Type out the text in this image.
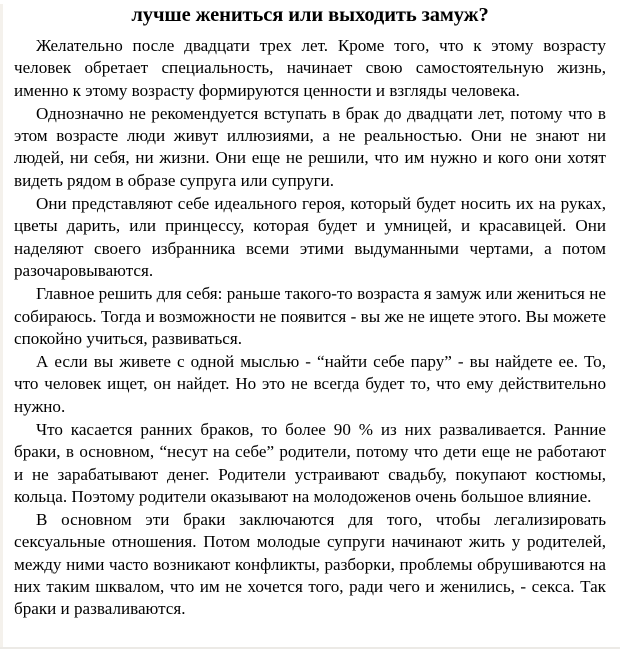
лучше жениться или выходить замуж?

Желательно после двадцати трех лет. Кроме того, что к этому возрасту человек обретает специальность, начинает свою самостоятельную жизнь, именно к этому возрасту формируются ценности и взгляды человека.

Однозначно не рекомендуется вступать в брак до двадцати лет, потому что в этом возрасте люди живут иллюзиями, а не реальностью. Они не знают ни людей, ни себя, ни жизни. Они еще не решили, что им нужно и кого они хотят видеть рядом в образе супруга или супруги.

Они представляют себе идеального героя, который будет носить их на руках, цветы дарить, или принцессу, которая будет и умницей, и красавицей. Они наделяют своего избранника всеми этими выдуманными чертами, а потом разочаровываются.

Главное решить для себя: раньше такого-то возраста я замуж или жениться не собираюсь. Тогда и возможности не появится - вы же не ищете этого. Вы можете спокойно учиться, развиваться.

А если вы живете с одной мыслью - “найти себе пару” - вы найдете ее. То, что человек ищет, он найдет. Но это не всегда будет то, что ему действительно нужно.

Что касается ранних браков, то более 90 % из них разваливается. Ранние браки, в основном, “несут на себе” родители, потому что дети еще не работают и не зарабатывают денег. Родители устраивают свадьбу, покупают костюмы, кольца. Поэтому родители оказывают на молодоженов очень большое влияние.

В основном эти браки заключаются для того, чтобы легализировать сексуальные отношения. Потом молодые супруги начинают жить у родителей, между ними часто возникают конфликты, разборки, проблемы обрушиваются на них таким шквалом, что им не хочется того, ради чего и женились, - секса. Так браки и разваливаются.
